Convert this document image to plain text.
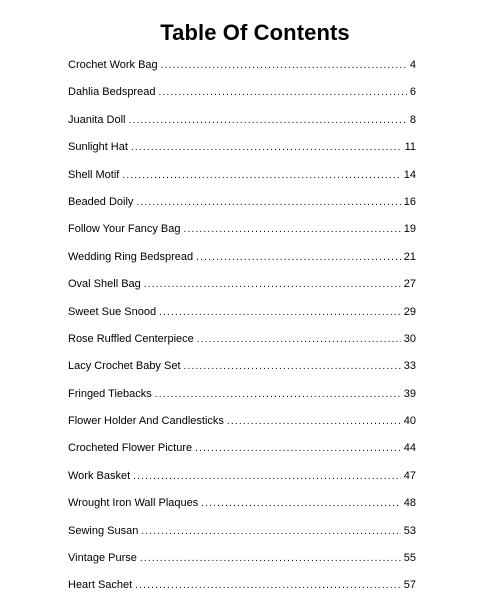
Table Of Contents
Crochet Work Bag .....	4
Dahlia Bedspread .....	6
Juanita Doll .....	8
Sunlight Hat .....	11
Shell Motif .....	14
Beaded Doily .....	16
Follow Your Fancy Bag .....	19
Wedding Ring Bedspread .....	21
Oval Shell Bag .....	27
Sweet Sue Snood .....	29
Rose Ruffled Centerpiece .....	30
Lacy Crochet Baby Set .....	33
Fringed Tiebacks .....	39
Flower Holder And Candlesticks .....	40
Crocheted Flower Picture .....	44
Work Basket .....	47
Wrought Iron Wall Plaques .....	48
Sewing Susan .....	53
Vintage Purse .....	55
Heart Sachet .....	57
